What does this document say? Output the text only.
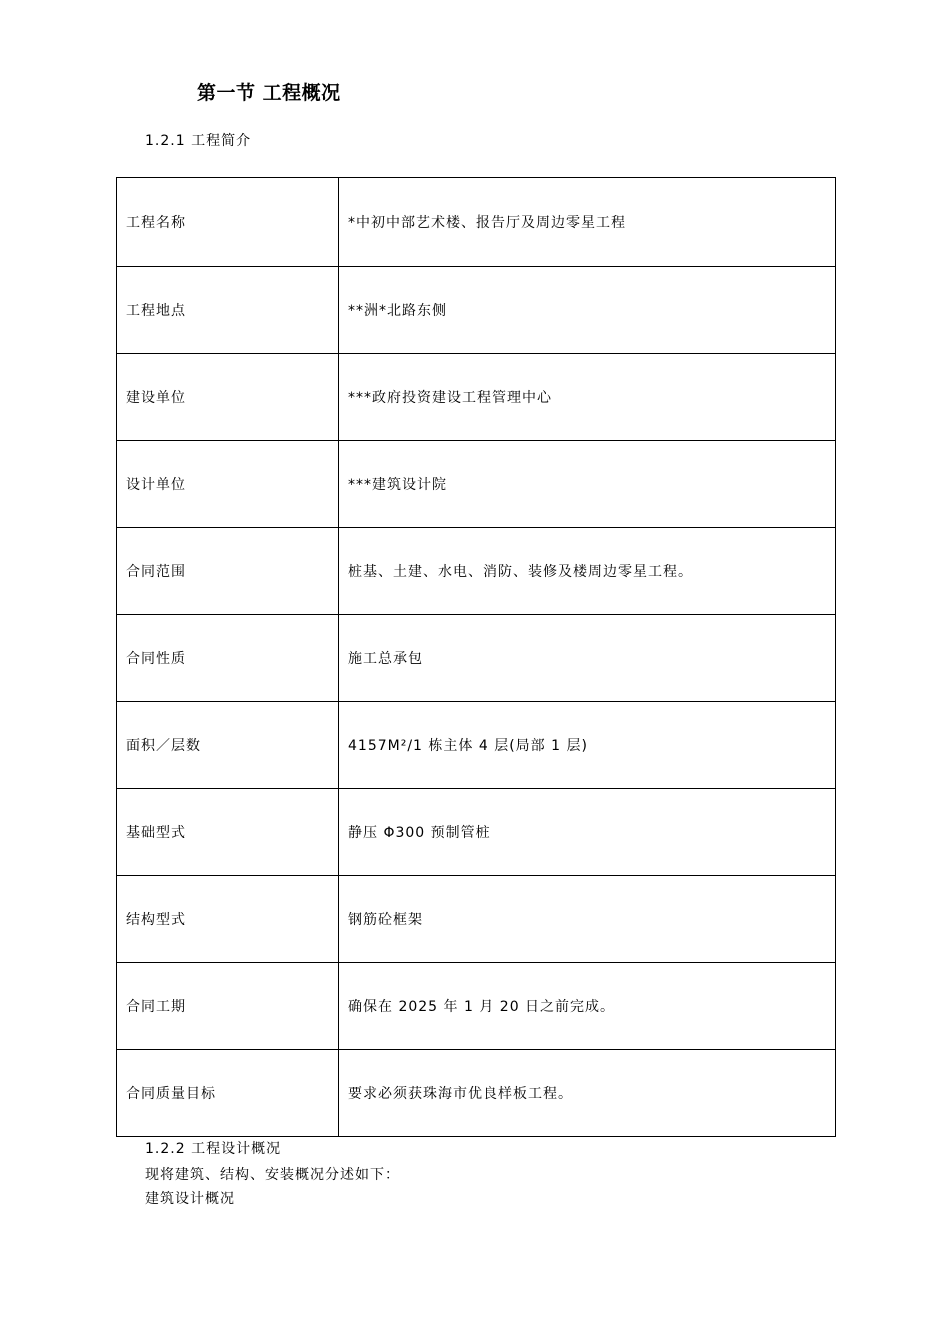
第一节 工程概况
1.2.1 工程简介
工程名称	*中初中部艺术楼、报告厅及周边零星工程
工程地点	**洲*北路东侧
建设单位	***政府投资建设工程管理中心
设计单位	***建筑设计院
合同范围	桩基、土建、水电、消防、装修及楼周边零星工程。
合同性质	施工总承包
面积／层数	4157M²/1 栋主体 4 层(局部 1 层)
基础型式	静压 Φ300 预制管桩
结构型式	钢筋砼框架
合同工期	确保在 2025 年 1 月 20 日之前完成。
合同质量目标	要求必须获珠海市优良样板工程。
1.2.2 工程设计概况
现将建筑、结构、安装概况分述如下：
建筑设计概况
